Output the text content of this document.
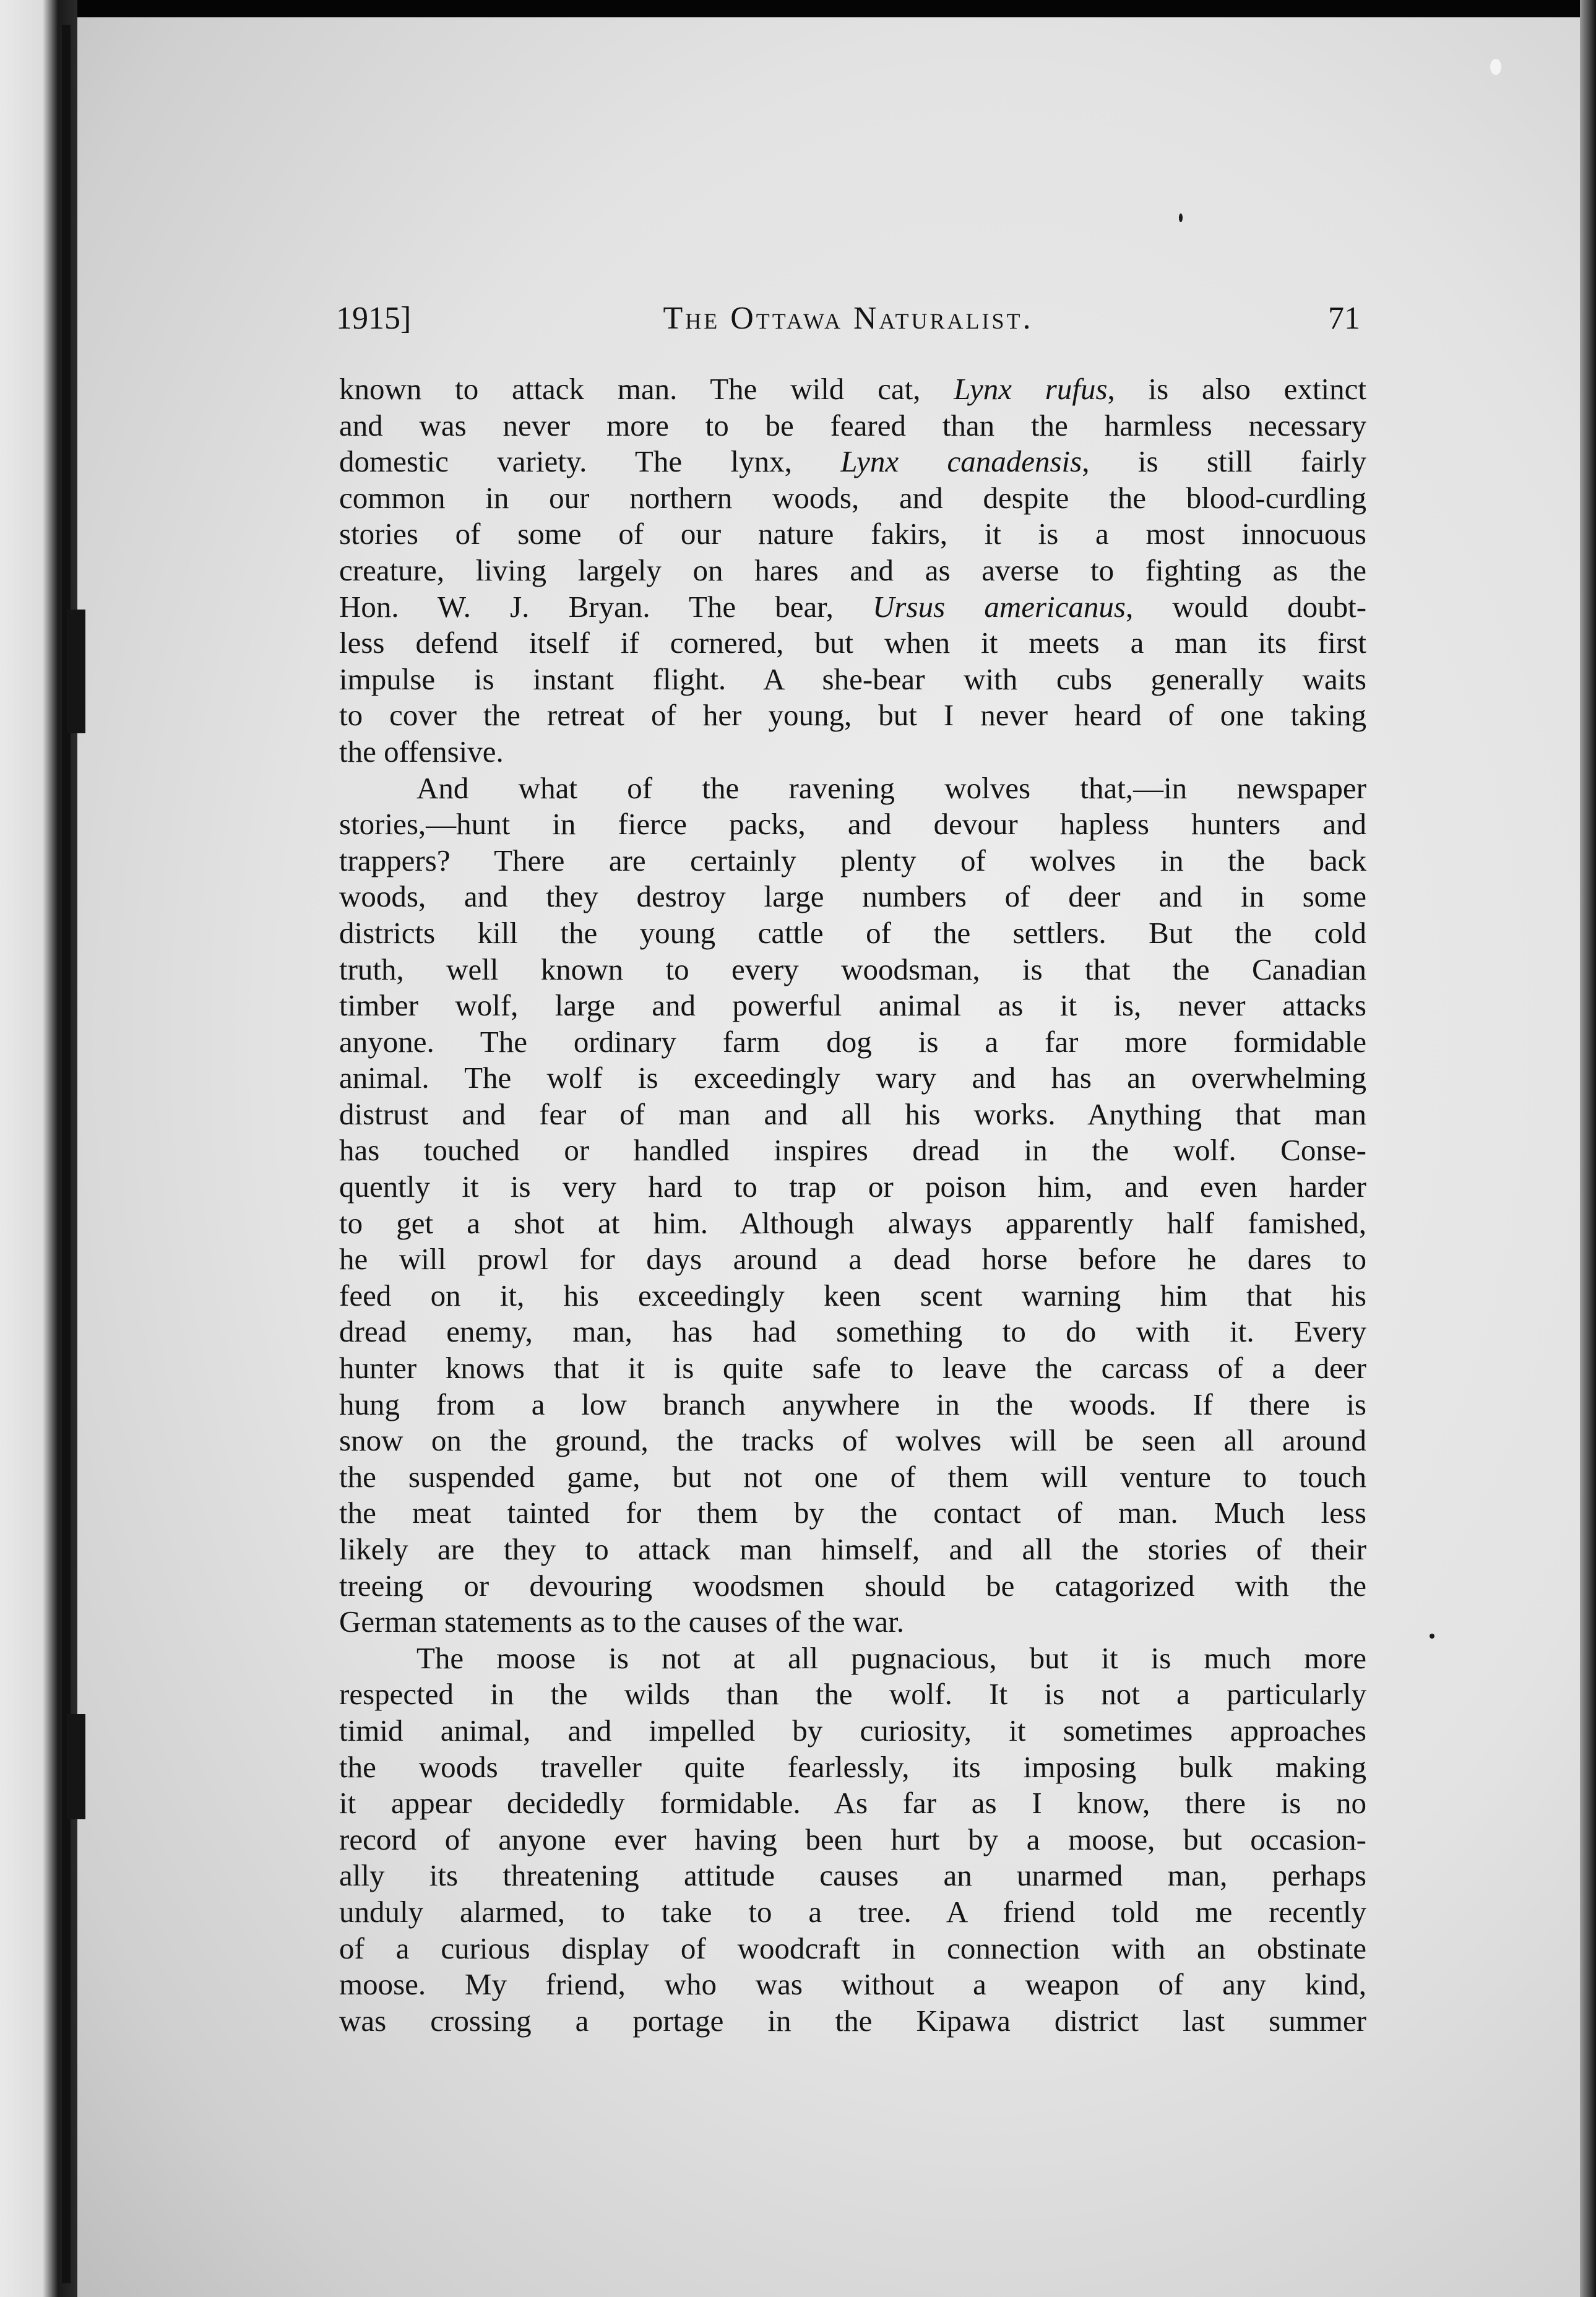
1915]	The Ottawa Naturalist.	71
known to attack man. The wild cat, Lynx rufus, is also extinct
and was never more to be feared than the harmless necessary
domestic variety. The lynx, Lynx canadensis, is still fairly
common in our northern woods, and despite the blood-curdling
stories of some of our nature fakirs, it is a most innocuous
creature, living largely on hares and as averse to fighting as the
Hon. W. J. Bryan. The bear, Ursus americanus, would doubt-
less defend itself if cornered, but when it meets a man its first
impulse is instant flight. A she-bear with cubs generally waits
to cover the retreat of her young, but I never heard of one taking
the offensive.
And what of the ravening wolves that,—in newspaper
stories,—hunt in fierce packs, and devour hapless hunters and
trappers? There are certainly plenty of wolves in the back
woods, and they destroy large numbers of deer and in some
districts kill the young cattle of the settlers. But the cold
truth, well known to every woodsman, is that the Canadian
timber wolf, large and powerful animal as it is, never attacks
anyone. The ordinary farm dog is a far more formidable
animal. The wolf is exceedingly wary and has an overwhelming
distrust and fear of man and all his works. Anything that man
has touched or handled inspires dread in the wolf. Conse-
quently it is very hard to trap or poison him, and even harder
to get a shot at him. Although always apparently half famished,
he will prowl for days around a dead horse before he dares to
feed on it, his exceedingly keen scent warning him that his
dread enemy, man, has had something to do with it. Every
hunter knows that it is quite safe to leave the carcass of a deer
hung from a low branch anywhere in the woods. If there is
snow on the ground, the tracks of wolves will be seen all around
the suspended game, but not one of them will venture to touch
the meat tainted for them by the contact of man. Much less
likely are they to attack man himself, and all the stories of their
treeing or devouring woodsmen should be catagorized with the
German statements as to the causes of the war.
The moose is not at all pugnacious, but it is much more
respected in the wilds than the wolf. It is not a particularly
timid animal, and impelled by curiosity, it sometimes approaches
the woods traveller quite fearlessly, its imposing bulk making
it appear decidedly formidable. As far as I know, there is no
record of anyone ever having been hurt by a moose, but occasion-
ally its threatening attitude causes an unarmed man, perhaps
unduly alarmed, to take to a tree. A friend told me recently
of a curious display of woodcraft in connection with an obstinate
moose. My friend, who was without a weapon of any kind,
was crossing a portage in the Kipawa district last summer
